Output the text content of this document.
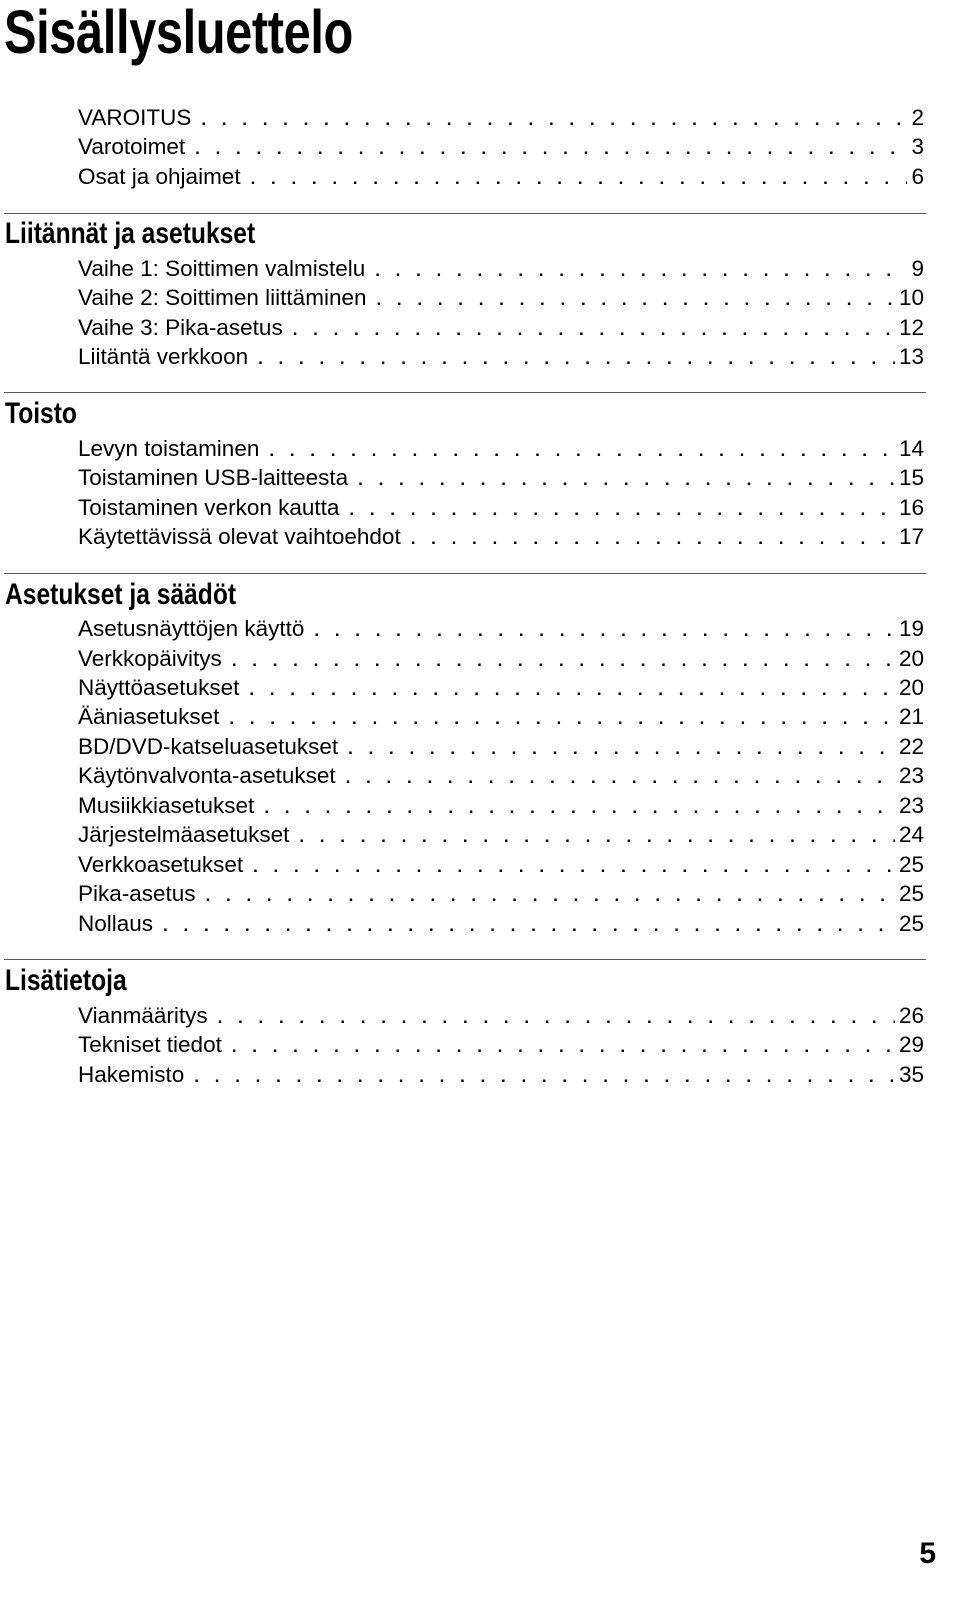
Sisällysluettelo
VAROITUS . . .	2
Varotoimet . . .	3
Osat ja ohjaimet . . .	6
Liitännät ja asetukset
Vaihe 1: Soittimen valmistelu . . .	9
Vaihe 2: Soittimen liittäminen . . .	10
Vaihe 3: Pika-asetus . . .	12
Liitäntä verkkoon . . .	13
Toisto
Levyn toistaminen . . .	14
Toistaminen USB-laitteesta . . .	15
Toistaminen verkon kautta . . .	16
Käytettävissä olevat vaihtoehdot . . .	17
Asetukset ja säädöt
Asetusnäyttöjen käyttö . . .	19
Verkkopäivitys . . .	20
Näyttöasetukset . . .	20
Ääniasetukset . . .	21
BD/DVD-katseluasetukset . . .	22
Käytönvalvonta-asetukset . . .	23
Musiikkiasetukset . . .	23
Järjestelmäasetukset . . .	24
Verkkoasetukset . . .	25
Pika-asetus . . .	25
Nollaus . . .	25
Lisätietoja
Vianmääritys . . .	26
Tekniset tiedot . . .	29
Hakemisto . . .	35
5
